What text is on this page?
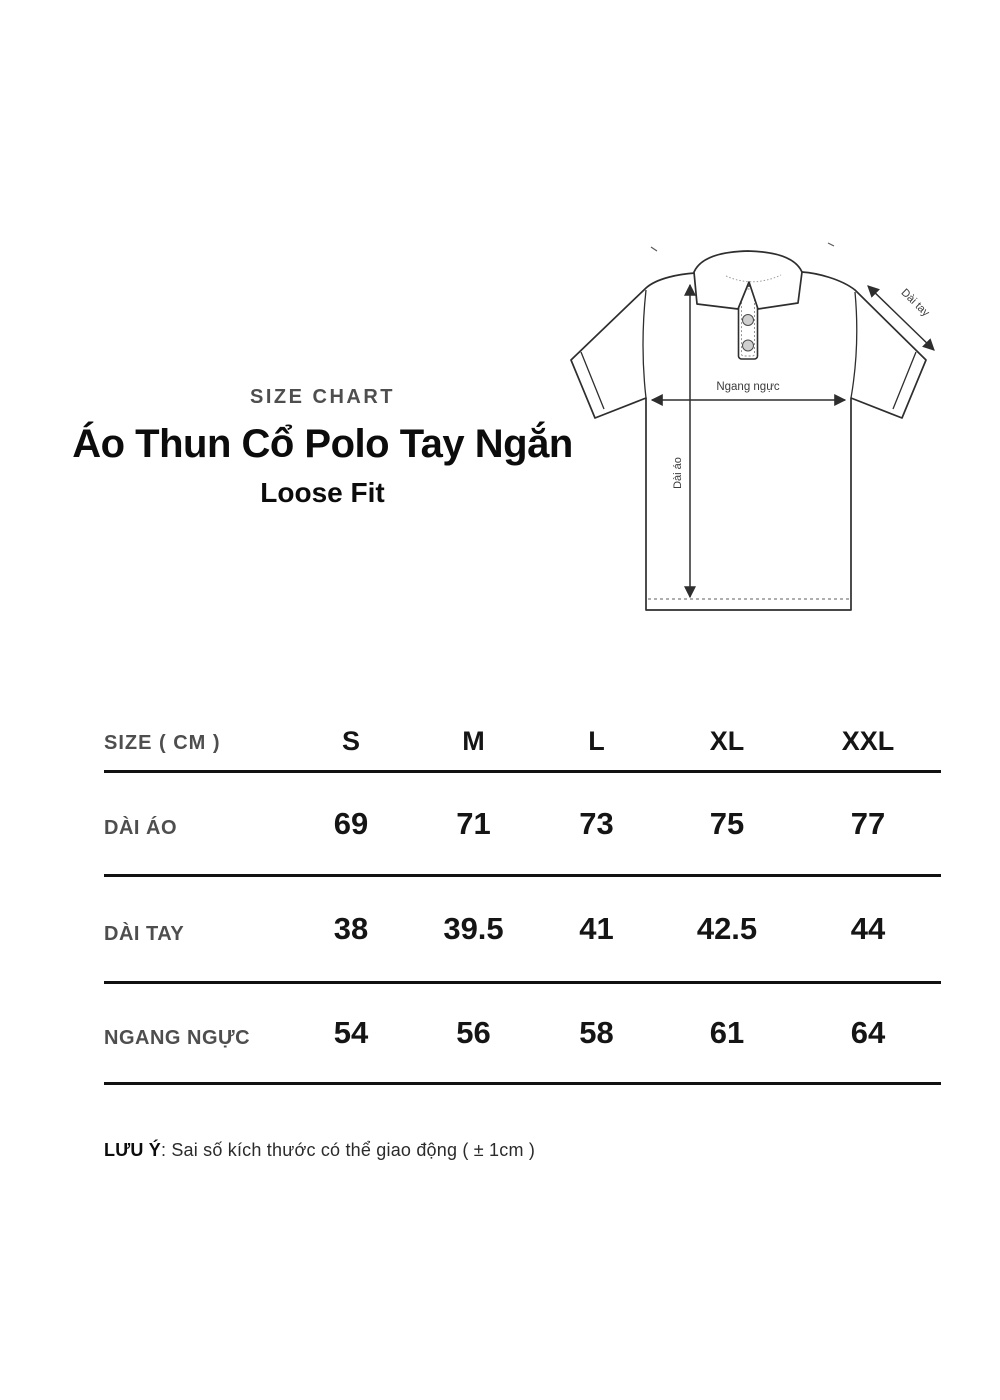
SIZE CHART
Áo Thun Cổ Polo Tay Ngắn
Loose Fit
Ngang ngực
Dài áo
Dài tay
SIZE ( CM )	S	M	L	XL	XXL
DÀI ÁO	69	71	73	75	77
DÀI TAY	38	39.5	41	42.5	44
NGANG NGỰC	54	56	58	61	64

LƯU Ý: Sai số kích thước có thể giao động ( ± 1cm )
